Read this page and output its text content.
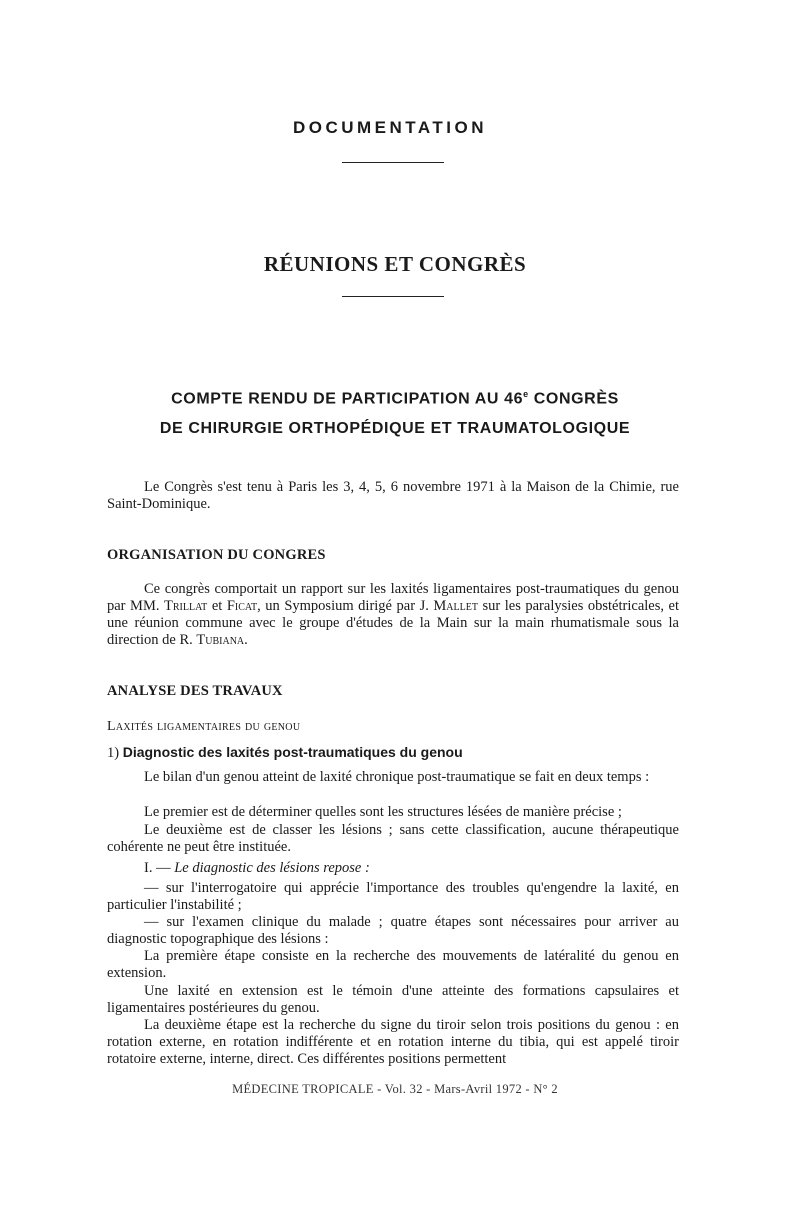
DOCUMENTATION
RÉUNIONS ET CONGRÈS
COMPTE RENDU DE PARTICIPATION AU 46e CONGRÈS
DE CHIRURGIE ORTHOPÉDIQUE ET TRAUMATOLOGIQUE
Le Congrès s'est tenu à Paris les 3, 4, 5, 6 novembre 1971 à la Maison de la Chimie, rue Saint-Dominique.
ORGANISATION DU CONGRES
Ce congrès comportait un rapport sur les laxités ligamentaires post-traumatiques du genou par MM. Trillat et Ficat, un Symposium dirigé par J. Mallet sur les paralysies obstétricales, et une réunion commune avec le groupe d'études de la Main sur la main rhumatismale sous la direction de R. Tubiana.
ANALYSE DES TRAVAUX
Laxités ligamentaires du genou
1) Diagnostic des laxités post-traumatiques du genou
Le bilan d'un genou atteint de laxité chronique post-traumatique se fait en deux temps :
Le premier est de déterminer quelles sont les structures lésées de manière précise ;
Le deuxième est de classer les lésions ; sans cette classification, aucune thérapeutique cohérente ne peut être instituée.
I. — Le diagnostic des lésions repose :
— sur l'interrogatoire qui apprécie l'importance des troubles qu'engendre la laxité, en particulier l'instabilité ;
— sur l'examen clinique du malade ; quatre étapes sont nécessaires pour arriver au diagnostic topographique des lésions :
La première étape consiste en la recherche des mouvements de latéralité du genou en extension.
Une laxité en extension est le témoin d'une atteinte des formations capsulaires et ligamentaires postérieures du genou.
La deuxième étape est la recherche du signe du tiroir selon trois positions du genou : en rotation externe, en rotation indifférente et en rotation interne du tibia, qui est appelé tiroir rotatoire externe, interne, direct. Ces différentes positions permettent
MÉDECINE TROPICALE - Vol. 32 - Mars-Avril 1972 - N° 2
